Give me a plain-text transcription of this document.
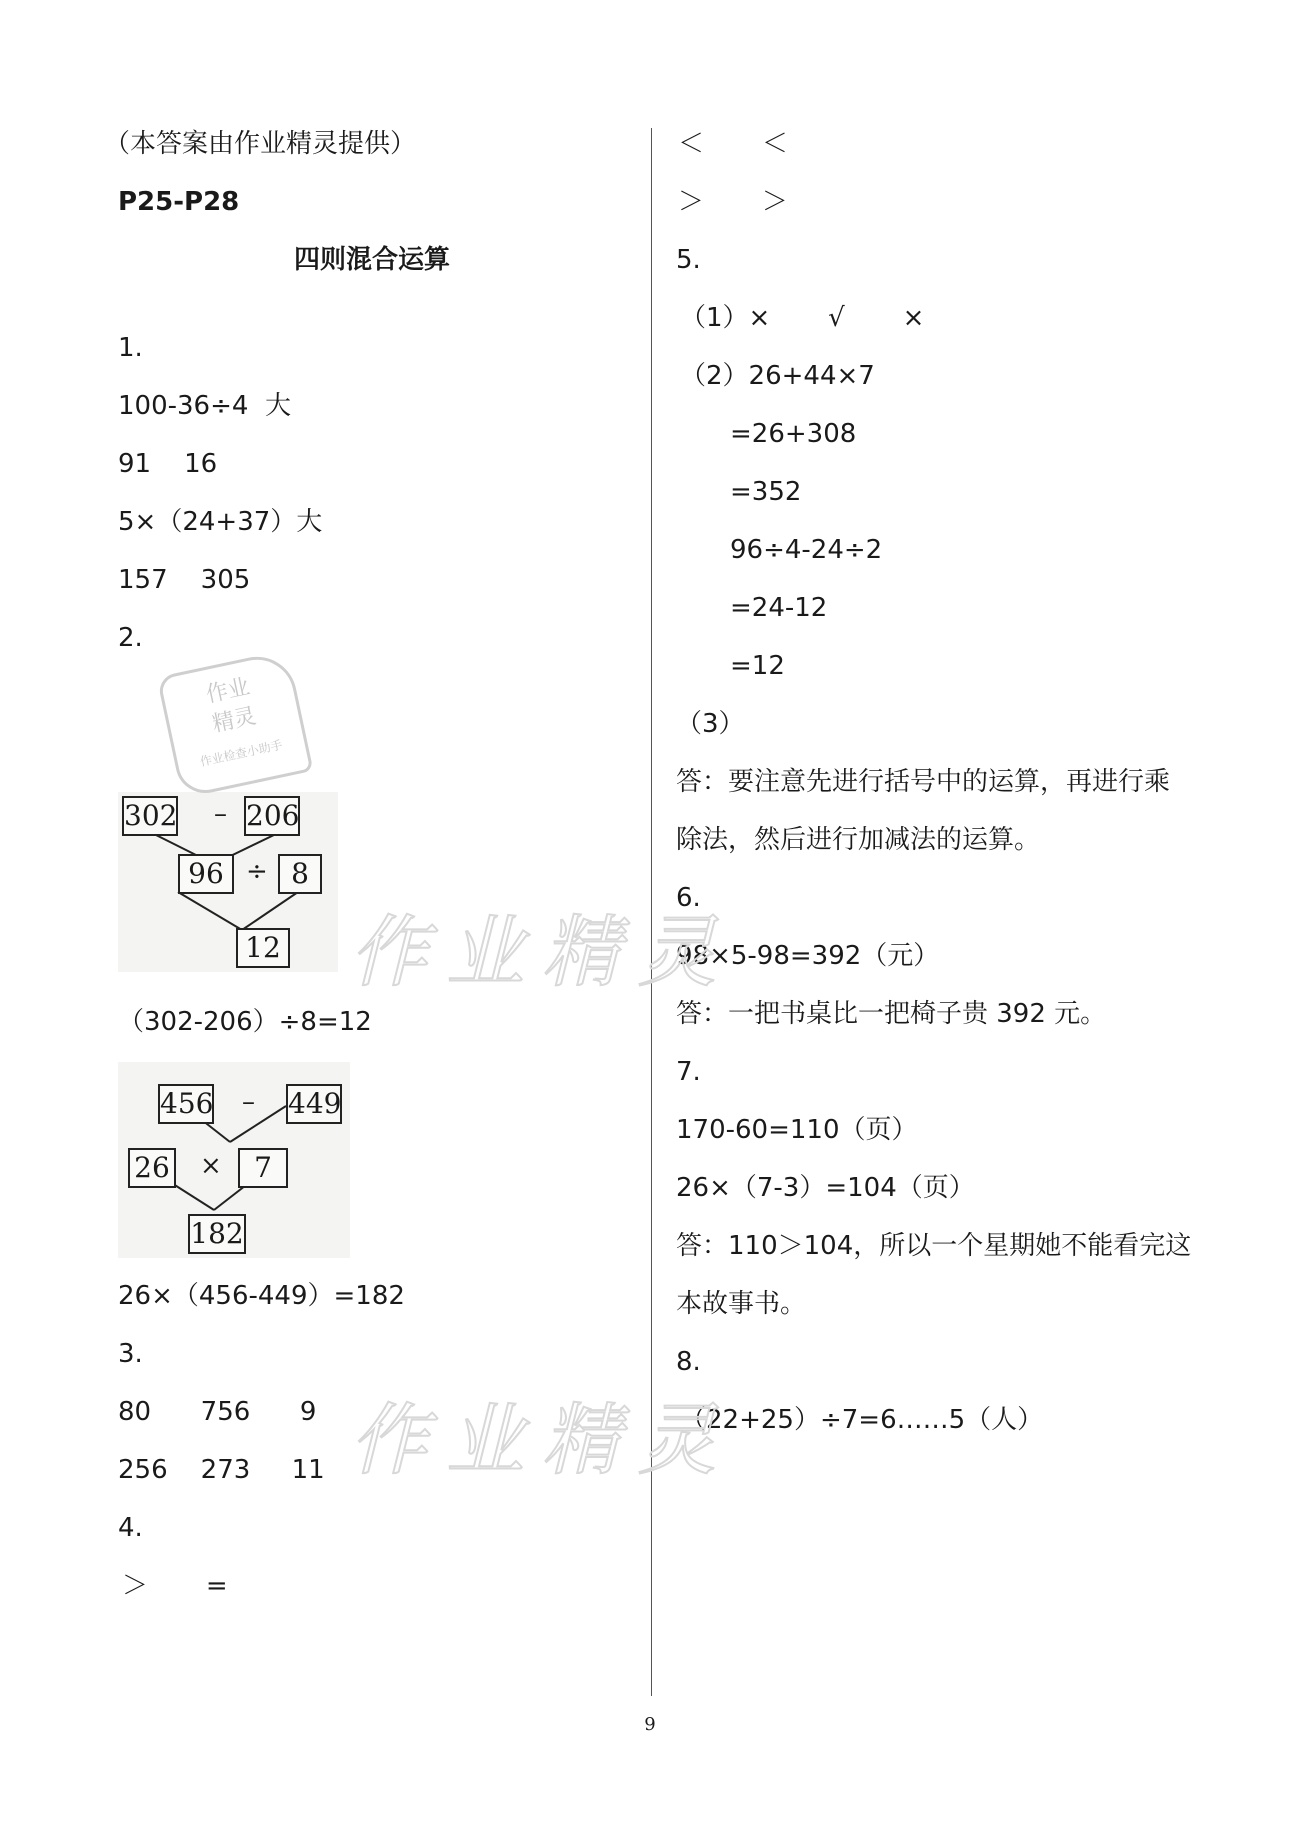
（本答案由作业精灵提供）
P25-P28
四则混合运算
1.
100-36÷4  大
91    16
5×（24+37）大
157    305
2.
302 – 206
96 ÷ 8
12
（302-206）÷8=12
456 – 449
26 ×	7
182
26×（456-449）=182
3.
80      756      9
256    273     11
4.
＞       =
＜       ＜
＞       ＞
5.
（1）×       √       ×
（2）26+44×7
=26+308
=352
96÷4-24÷2
=24-12
=12
（3）
答：要注意先进行括号中的运算，再进行乘
除法，然后进行加减法的运算。
6.
98×5-98=392（元）
答：一把书桌比一把椅子贵 392 元。
7.
170-60=110（页）
26×（7-3）=104（页）
答：110＞104，所以一个星期她不能看完这
本故事书。
8.
（22+25）÷7=6……5（人）
作业精灵
作业精灵
作业
精灵
作业检查小助手
9
